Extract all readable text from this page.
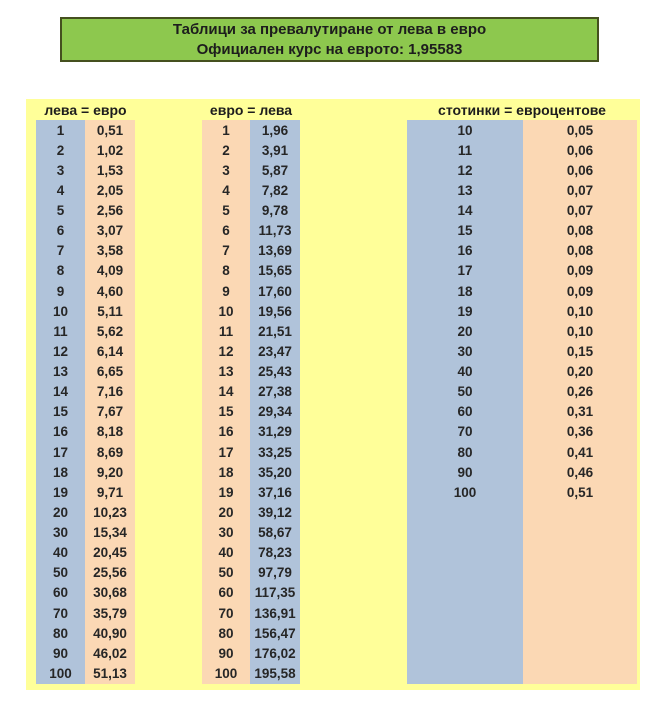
Таблици за превалутиране от лева в евро
Официален курс на еврото: 1,95583
лева = евро
1
2
3
4
5
6
7
8
9
10
11
12
13
14
15
16
17
18
19
20
30
40
50
60
70
80
90
100
0,51
1,02
1,53
2,05
2,56
3,07
3,58
4,09
4,60
5,11
5,62
6,14
6,65
7,16
7,67
8,18
8,69
9,20
9,71
10,23
15,34
20,45
25,56
30,68
35,79
40,90
46,02
51,13
евро = лева
1
2
3
4
5
6
7
8
9
10
11
12
13
14
15
16
17
18
19
20
30
40
50
60
70
80
90
100
1,96
3,91
5,87
7,82
9,78
11,73
13,69
15,65
17,60
19,56
21,51
23,47
25,43
27,38
29,34
31,29
33,25
35,20
37,16
39,12
58,67
78,23
97,79
117,35
136,91
156,47
176,02
195,58
стотинки = евроцентове
10
11
12
13
14
15
16
17
18
19
20
30
40
50
60
70
80
90
100
0,05
0,06
0,06
0,07
0,07
0,08
0,08
0,09
0,09
0,10
0,10
0,15
0,20
0,26
0,31
0,36
0,41
0,46
0,51
